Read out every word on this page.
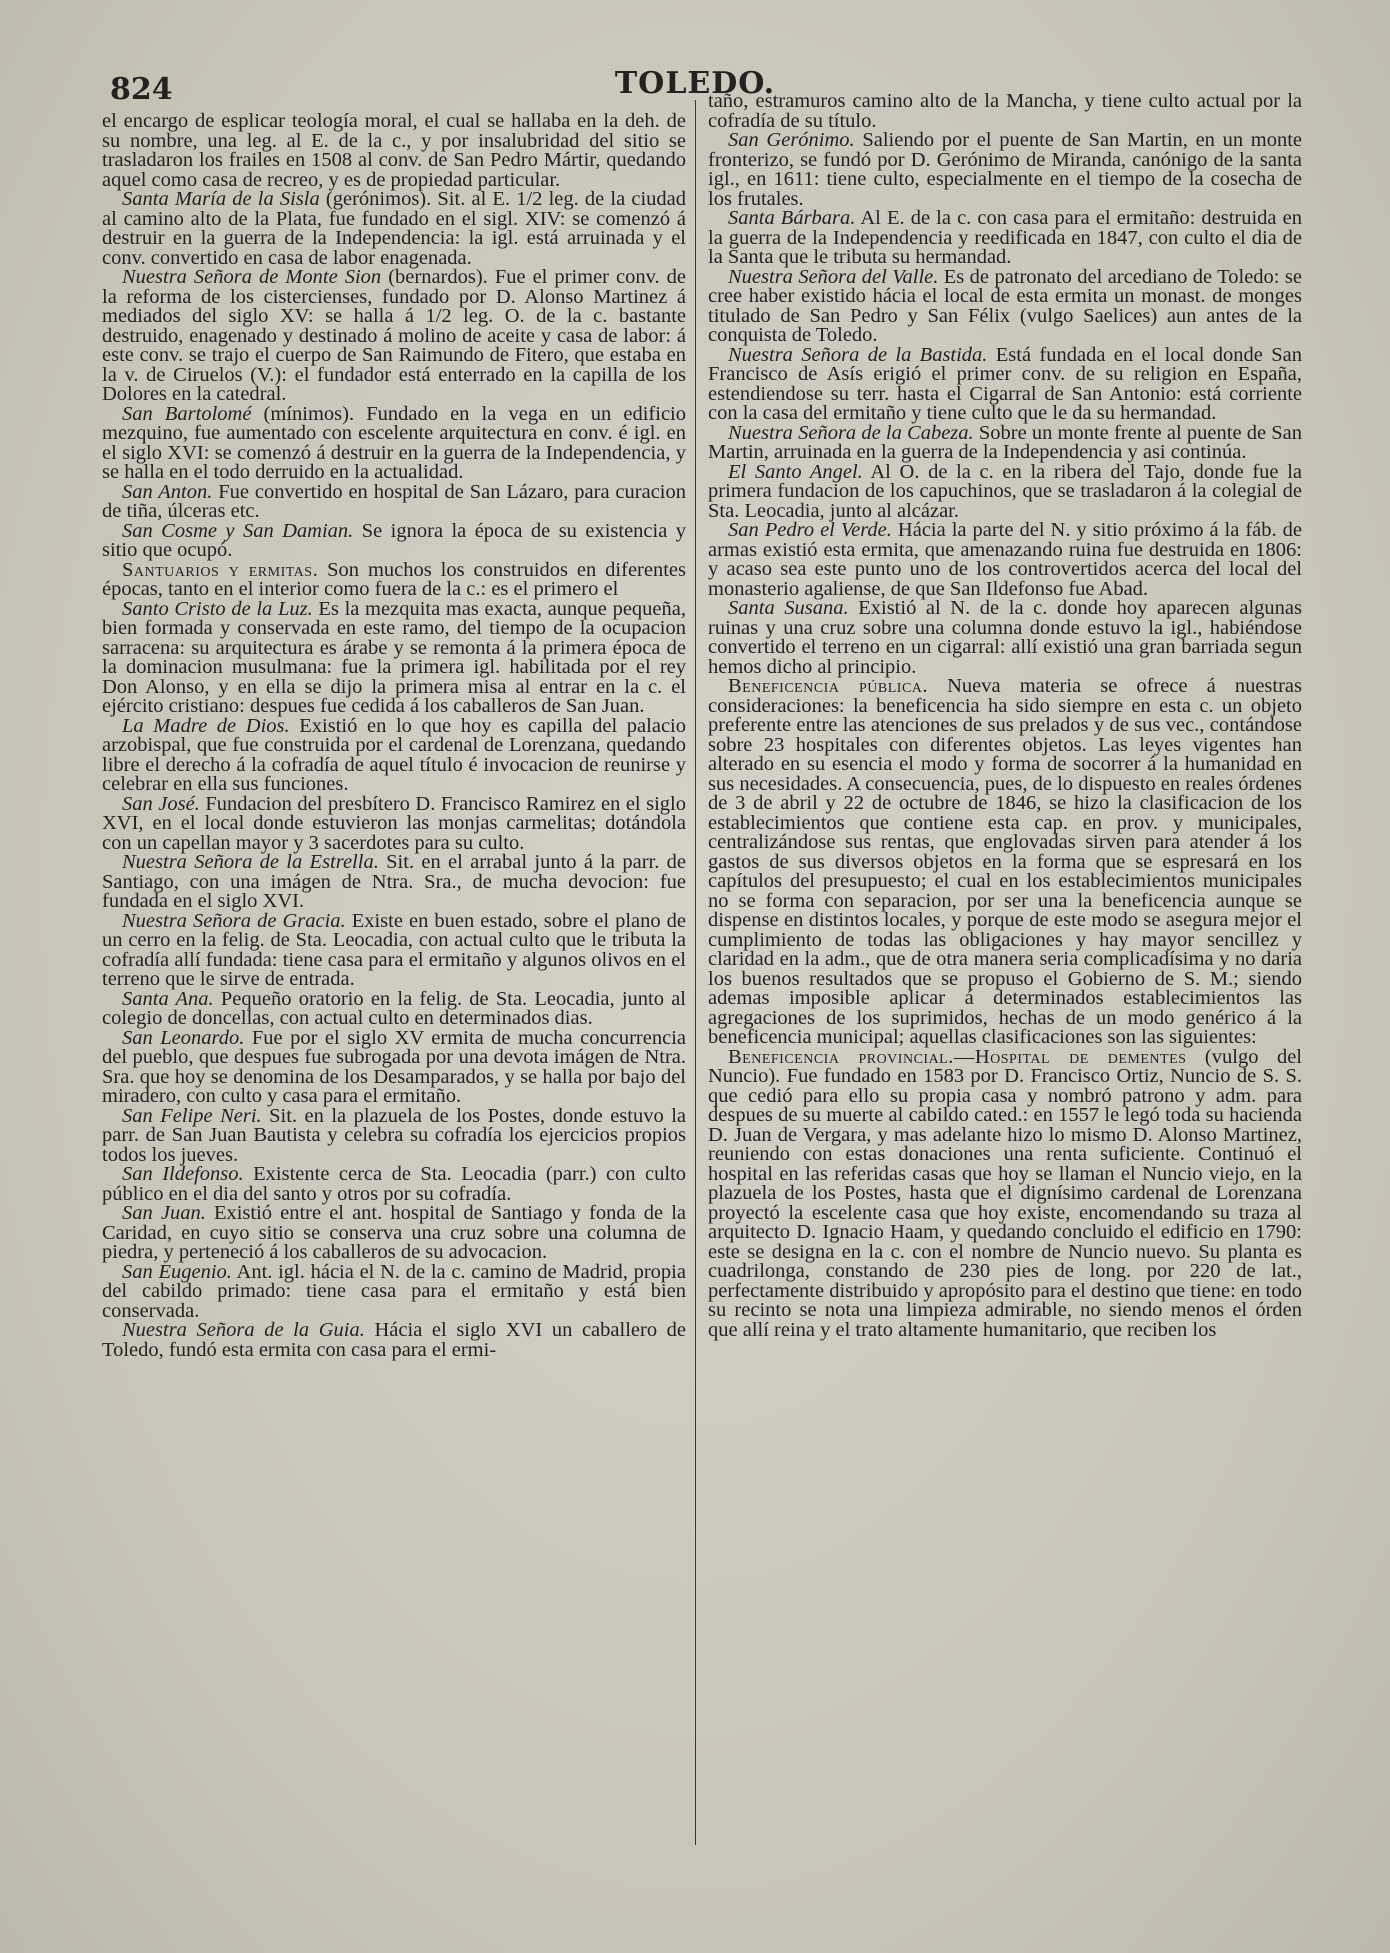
824	TOLEDO.

el encargo de esplicar teología moral, el cual se hallaba en la deh. de su nombre, una leg. al E. de la c., y por insalubridad del sitio se trasladaron los frailes en 1508 al conv. de San Pedro Mártir, quedando aquel como casa de recreo, y es de propiedad particular.

Santa María de la Sisla (gerónimos). Sit. al E. 1/2 leg. de la ciudad al camino alto de la Plata, fue fundado en el sigl. XIV: se comenzó á destruir en la guerra de la Independencia: la igl. está arruinada y el conv. convertido en casa de labor enagenada.

Nuestra Señora de Monte Sion (bernardos). Fue el primer conv. de la reforma de los cistercienses, fundado por D. Alonso Martinez á mediados del siglo XV: se halla á 1/2 leg. O. de la c. bastante destruido, enagenado y destinado á molino de aceite y casa de labor: á este conv. se trajo el cuerpo de San Raimundo de Fitero, que estaba en la v. de Ciruelos (V.): el fundador está enterrado en la capilla de los Dolores en la catedral.

San Bartolomé (mínimos). Fundado en la vega en un edificio mezquino, fue aumentado con escelente arquitectura en conv. é igl. en el siglo XVI: se comenzó á destruir en la guerra de la Independencia, y se halla en el todo derruido en la actualidad.

San Anton. Fue convertido en hospital de San Lázaro, para curacion de tiña, úlceras etc.

San Cosme y San Damian. Se ignora la época de su existencia y sitio que ocupó.

Santuarios y ermitas. Son muchos los construidos en diferentes épocas, tanto en el interior como fuera de la c.: es el primero el

Santo Cristo de la Luz. Es la mezquita mas exacta, aunque pequeña, bien formada y conservada en este ramo, del tiempo de la ocupacion sarracena: su arquitectura es árabe y se remonta á la primera época de la dominacion musulmana: fue la primera igl. habilitada por el rey Don Alonso, y en ella se dijo la primera misa al entrar en la c. el ejército cristiano: despues fue cedida á los caballeros de San Juan.

La Madre de Dios. Existió en lo que hoy es capilla del palacio arzobispal, que fue construida por el cardenal de Lorenzana, quedando libre el derecho á la cofradía de aquel título é invocacion de reunirse y celebrar en ella sus funciones.

San José. Fundacion del presbítero D. Francisco Ramirez en el siglo XVI, en el local donde estuvieron las monjas carmelitas; dotándola con un capellan mayor y 3 sacerdotes para su culto.

Nuestra Señora de la Estrella. Sit. en el arrabal junto á la parr. de Santiago, con una imágen de Ntra. Sra., de mucha devocion: fue fundada en el siglo XVI.

Nuestra Señora de Gracia. Existe en buen estado, sobre el plano de un cerro en la felig. de Sta. Leocadia, con actual culto que le tributa la cofradía allí fundada: tiene casa para el ermitaño y algunos olivos en el terreno que le sirve de entrada.

Santa Ana. Pequeño oratorio en la felig. de Sta. Leocadia, junto al colegio de doncellas, con actual culto en determinados dias.

San Leonardo. Fue por el siglo XV ermita de mucha concurrencia del pueblo, que despues fue subrogada por una devota imágen de Ntra. Sra. que hoy se denomina de los Desamparados, y se halla por bajo del miradero, con culto y casa para el ermitaño.

San Felipe Neri. Sit. en la plazuela de los Postes, donde estuvo la parr. de San Juan Bautista y celebra su cofradía los ejercicios propios todos los jueves.

San Ildefonso. Existente cerca de Sta. Leocadia (parr.) con culto público en el dia del santo y otros por su cofradía.

San Juan. Existió entre el ant. hospital de Santiago y fonda de la Caridad, en cuyo sitio se conserva una cruz sobre una columna de piedra, y perteneció á los caballeros de su advocacion.

San Eugenio. Ant. igl. hácia el N. de la c. camino de Madrid, propia del cabildo primado: tiene casa para el ermitaño y está bien conservada.

Nuestra Señora de la Guia. Hácia el siglo XVI un caballero de Toledo, fundó esta ermita con casa para el ermi-

taño, estramuros camino alto de la Mancha, y tiene culto actual por la cofradía de su título.

San Gerónimo. Saliendo por el puente de San Martin, en un monte fronterizo, se fundó por D. Gerónimo de Miranda, canónigo de la santa igl., en 1611: tiene culto, especialmente en el tiempo de la cosecha de los frutales.

Santa Bárbara. Al E. de la c. con casa para el ermitaño: destruida en la guerra de la Independencia y reedificada en 1847, con culto el dia de la Santa que le tributa su hermandad.

Nuestra Señora del Valle. Es de patronato del arcediano de Toledo: se cree haber existido hácia el local de esta ermita un monast. de monges titulado de San Pedro y San Félix (vulgo Saelices) aun antes de la conquista de Toledo.

Nuestra Señora de la Bastida. Está fundada en el local donde San Francisco de Asís erigió el primer conv. de su religion en España, estendiendose su terr. hasta el Cigarral de San Antonio: está corriente con la casa del ermitaño y tiene culto que le da su hermandad.

Nuestra Señora de la Cabeza. Sobre un monte frente al puente de San Martin, arruinada en la guerra de la Independencia y asi continúa.

El Santo Angel. Al O. de la c. en la ribera del Tajo, donde fue la primera fundacion de los capuchinos, que se trasladaron á la colegial de Sta. Leocadia, junto al alcázar.

San Pedro el Verde. Hácia la parte del N. y sitio próximo á la fáb. de armas existió esta ermita, que amenazando ruina fue destruida en 1806: y acaso sea este punto uno de los controvertidos acerca del local del monasterio agaliense, de que San Ildefonso fue Abad.

Santa Susana. Existió al N. de la c. donde hoy aparecen algunas ruinas y una cruz sobre una columna donde estuvo la igl., habiéndose convertido el terreno en un cigarral: allí existió una gran barriada segun hemos dicho al principio.

Beneficencia pública. Nueva materia se ofrece á nuestras consideraciones: la beneficencia ha sido siempre en esta c. un objeto preferente entre las atenciones de sus prelados y de sus vec., contándose sobre 23 hospitales con diferentes objetos. Las leyes vigentes han alterado en su esencia el modo y forma de socorrer á la humanidad en sus necesidades. A consecuencia, pues, de lo dispuesto en reales órdenes de 3 de abril y 22 de octubre de 1846, se hizo la clasificacion de los establecimientos que contiene esta cap. en prov. y municipales, centralizándose sus rentas, que englovadas sirven para atender á los gastos de sus diversos objetos en la forma que se espresará en los capítulos del presupuesto; el cual en los establecimientos municipales no se forma con separacion, por ser una la beneficencia aunque se dispense en distintos locales, y porque de este modo se asegura mejor el cumplimiento de todas las obligaciones y hay mayor sencillez y claridad en la adm., que de otra manera seria complicadísima y no daria los buenos resultados que se propuso el Gobierno de S. M.; siendo ademas imposible aplicar á determinados establecimientos las agregaciones de los suprimidos, hechas de un modo genérico á la beneficencia municipal; aquellas clasificaciones son las siguientes:

Beneficencia provincial.—Hospital de dementes (vulgo del Nuncio). Fue fundado en 1583 por D. Francisco Ortiz, Nuncio de S. S. que cedió para ello su propia casa y nombró patrono y adm. para despues de su muerte al cabildo cated.: en 1557 le legó toda su hacienda D. Juan de Vergara, y mas adelante hizo lo mismo D. Alonso Martinez, reuniendo con estas donaciones una renta suficiente. Continuó el hospital en las referidas casas que hoy se llaman el Nuncio viejo, en la plazuela de los Postes, hasta que el dignísimo cardenal de Lorenzana proyectó la escelente casa que hoy existe, encomendando su traza al arquitecto D. Ignacio Haam, y quedando concluido el edificio en 1790: este se designa en la c. con el nombre de Nuncio nuevo. Su planta es cuadrilonga, constando de 230 pies de long. por 220 de lat., perfectamente distribuido y apropósito para el destino que tiene: en todo su recinto se nota una limpieza admirable, no siendo menos el órden que allí reina y el trato altamente humanitario, que reciben los
